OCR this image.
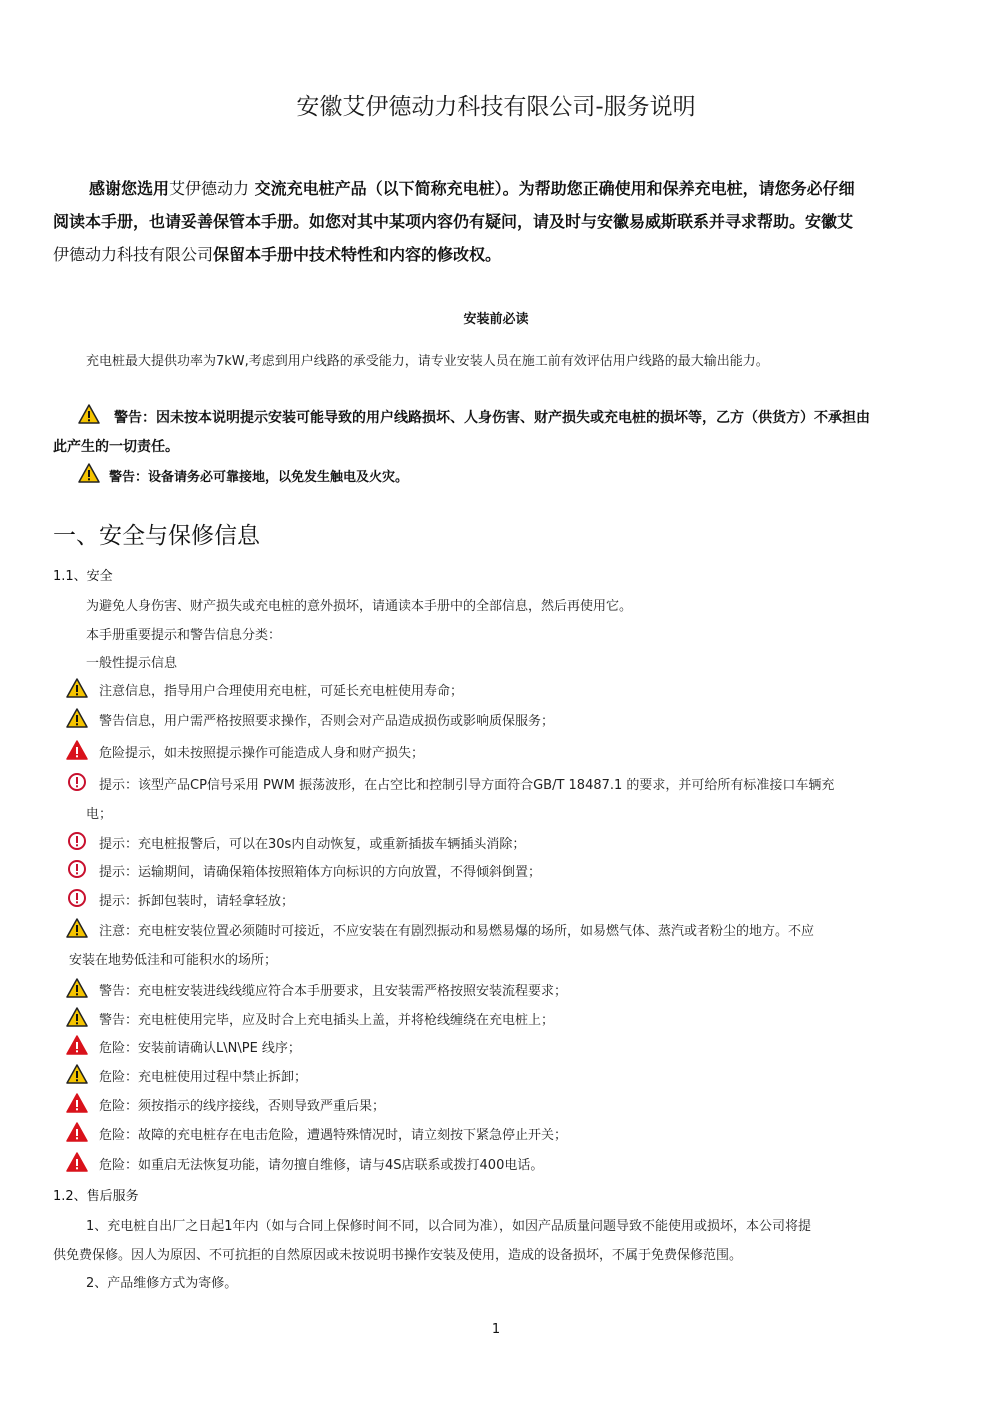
安徽艾伊德动力科技有限公司-服务说明
感谢您选用艾伊德动力 交流充电桩产品（以下简称充电桩）。为帮助您正确使用和保养充电桩，请您务必仔细
阅读本手册，也请妥善保管本手册。如您对其中某项内容仍有疑问，请及时与安徽易威斯联系并寻求帮助。安徽艾
伊德动力科技有限公司保留本手册中技术特性和内容的修改权。
安装前必读
充电桩最大提供功率为7kW,考虑到用户线路的承受能力，请专业安装人员在施工前有效评估用户线路的最大输出能力。
警告：因未按本说明提示安装可能导致的用户线路损坏、人身伤害、财产损失或充电桩的损坏等，乙方（供货方）不承担由
此产生的一切责任。
警告：设备请务必可靠接地，以免发生触电及火灾。
一、安全与保修信息
1.1、安全
为避免人身伤害、财产损失或充电桩的意外损坏，请通读本手册中的全部信息，然后再使用它。
本手册重要提示和警告信息分类：
一般性提示信息
注意信息，指导用户合理使用充电桩，可延长充电桩使用寿命；
警告信息，用户需严格按照要求操作，否则会对产品造成损伤或影响质保服务；
危险提示，如未按照提示操作可能造成人身和财产损失；
提示：该型产品CP信号采用 PWM 振荡波形，在占空比和控制引导方面符合GB/T 18487.1 的要求，并可给所有标准接口车辆充
电；
提示：充电桩报警后，可以在30s内自动恢复，或重新插拔车辆插头消除；
提示：运输期间，请确保箱体按照箱体方向标识的方向放置，不得倾斜倒置；
提示：拆卸包装时，请轻拿轻放；
注意：充电桩安装位置必须随时可接近，不应安装在有剧烈振动和易燃易爆的场所，如易燃气体、蒸汽或者粉尘的地方。不应
安装在地势低洼和可能积水的场所；
警告：充电桩安装进线线缆应符合本手册要求，且安装需严格按照安装流程要求；
警告：充电桩使用完毕，应及时合上充电插头上盖，并将枪线缠绕在充电桩上；
危险：安装前请确认L\N\PE 线序；
危险：充电桩使用过程中禁止拆卸；
危险：须按指示的线序接线，否则导致严重后果；
危险：故障的充电桩存在电击危险，遭遇特殊情况时，请立刻按下紧急停止开关；
危险：如重启无法恢复功能，请勿擅自维修，请与4S店联系或拨打400电话。
1.2、售后服务
1、充电桩自出厂之日起1年内（如与合同上保修时间不同，以合同为准），如因产品质量问题导致不能使用或损坏，本公司将提
供免费保修。因人为原因、不可抗拒的自然原因或未按说明书操作安装及使用，造成的设备损坏，不属于免费保修范围。
2、产品维修方式为寄修。
1
